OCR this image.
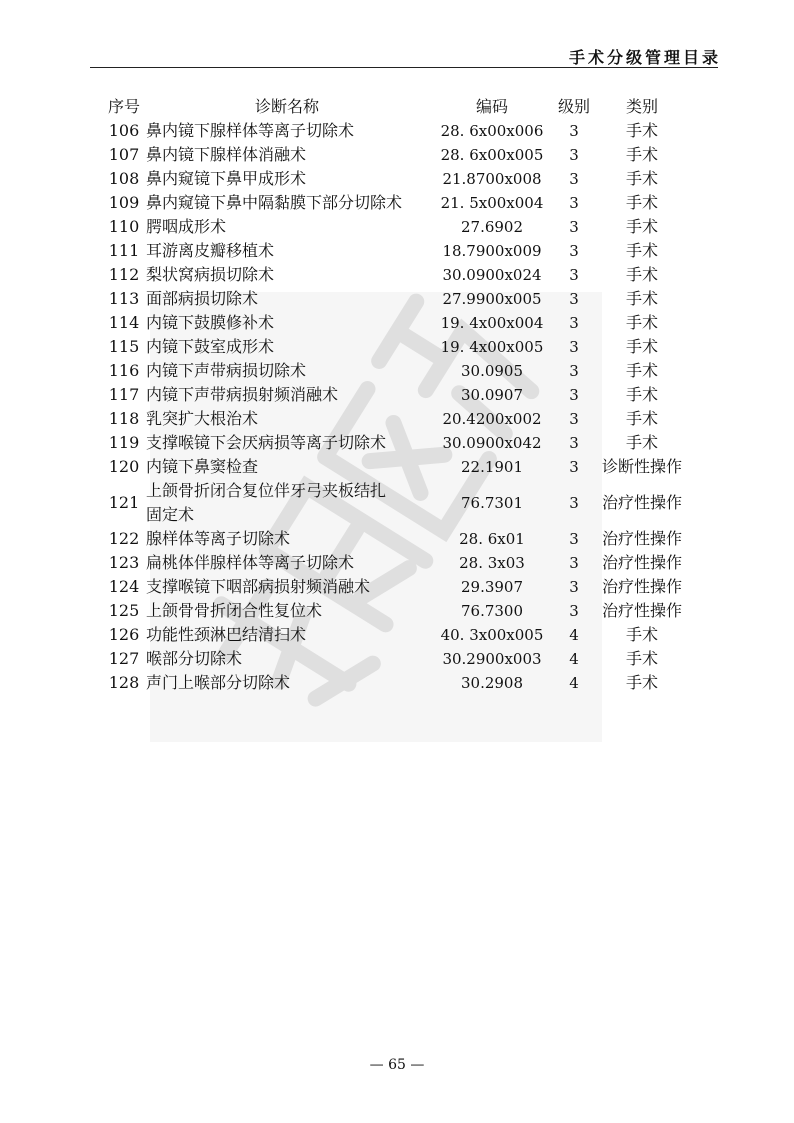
手术分级管理目录
序号	诊断名称	编码	级别	类别
106	鼻内镜下腺样体等离子切除术	28. 6x00x006	3	手术
107	鼻内镜下腺样体消融术	28. 6x00x005	3	手术
108	鼻内窥镜下鼻甲成形术	21.8700x008	3	手术
109	鼻内窥镜下鼻中隔黏膜下部分切除术	21. 5x00x004	3	手术
110	腭咽成形术	27.6902	3	手术
111	耳游离皮瓣移植术	18.7900x009	3	手术
112	梨状窝病损切除术	30.0900x024	3	手术
113	面部病损切除术	27.9900x005	3	手术
114	内镜下鼓膜修补术	19. 4x00x004	3	手术
115	内镜下鼓室成形术	19. 4x00x005	3	手术
116	内镜下声带病损切除术	30.0905	3	手术
117	内镜下声带病损射频消融术	30.0907	3	手术
118	乳突扩大根治术	20.4200x002	3	手术
119	支撑喉镜下会厌病损等离子切除术	30.0900x042	3	手术
120	内镜下鼻窦检查	22.1901	3	诊断性操作
121	上颌骨折闭合复位伴牙弓夹板结扎
固定术	76.7301	3	治疗性操作
122	腺样体等离子切除术	28. 6x01	3	治疗性操作
123	扁桃体伴腺样体等离子切除术	28. 3x03	3	治疗性操作
124	支撑喉镜下咽部病损射频消融术	29.3907	3	治疗性操作
125	上颌骨骨折闭合性复位术	76.7300	3	治疗性操作
126	功能性颈淋巴结清扫术	40. 3x00x005	4	手术
127	喉部分切除术	30.2900x003	4	手术
128	声门上喉部分切除术	30.2908	4	手术
— 65 —
